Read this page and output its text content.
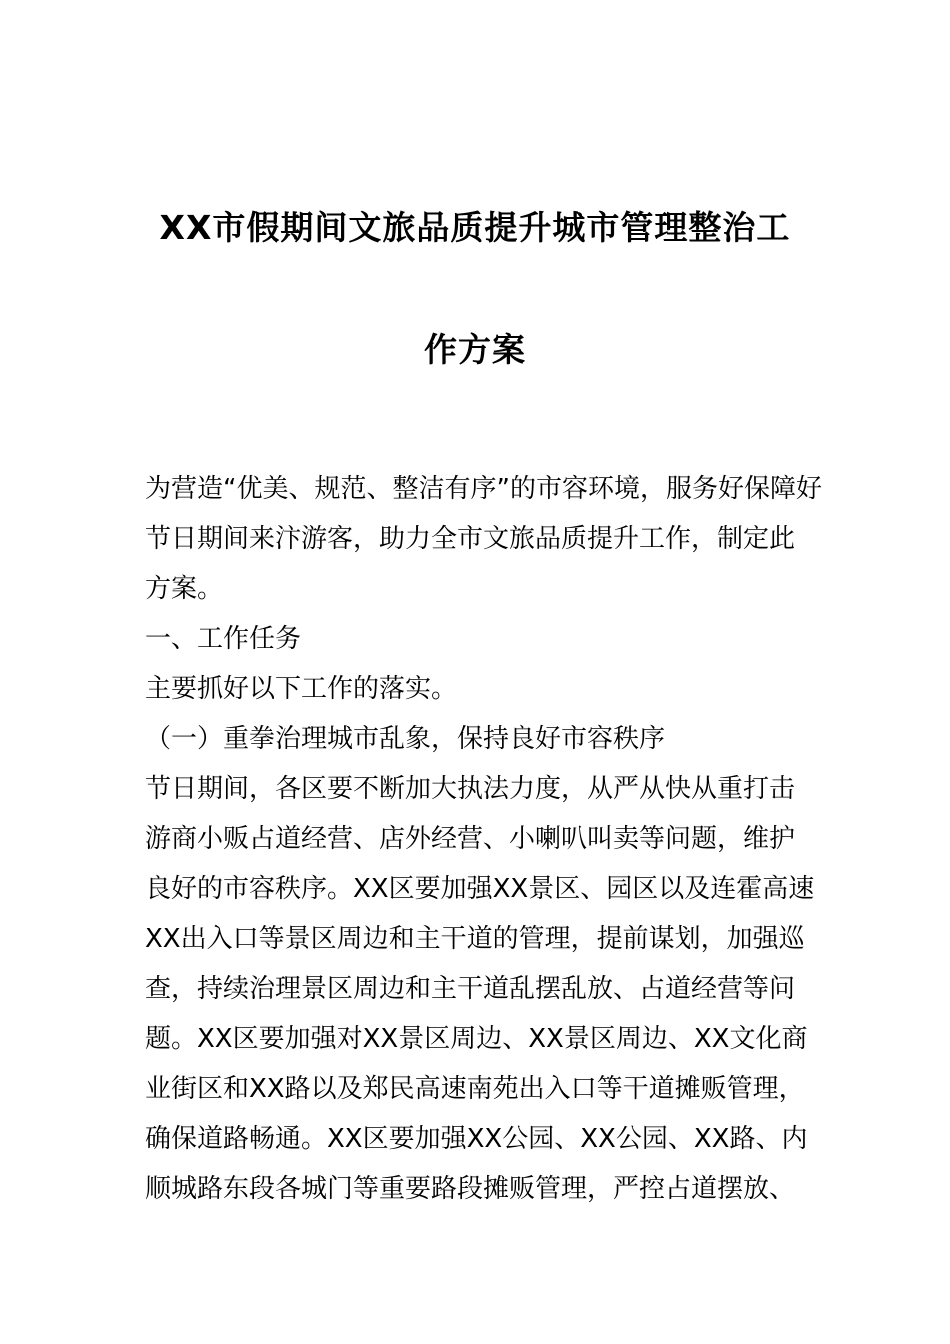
XX市假期间文旅品质提升城市管理整治工
作方案
为营造“优美、规范、整洁有序”的市容环境，服务好保障好
节日期间来汴游客，助力全市文旅品质提升工作，制定此
方案。
一、工作任务
主要抓好以下工作的落实。
（一）重拳治理城市乱象，保持良好市容秩序
节日期间，各区要不断加大执法力度，从严从快从重打击
游商小贩占道经营、店外经营、小喇叭叫卖等问题，维护
良好的市容秩序。XX区要加强XX景区、园区以及连霍高速
XX出入口等景区周边和主干道的管理，提前谋划，加强巡
查，持续治理景区周边和主干道乱摆乱放、占道经营等问
题。XX区要加强对XX景区周边、XX景区周边、XX文化商
业街区和XX路以及郑民高速南苑出入口等干道摊贩管理，
确保道路畅通。XX区要加强XX公园、XX公园、XX路、内
顺城路东段各城门等重要路段摊贩管理，严控占道摆放、
